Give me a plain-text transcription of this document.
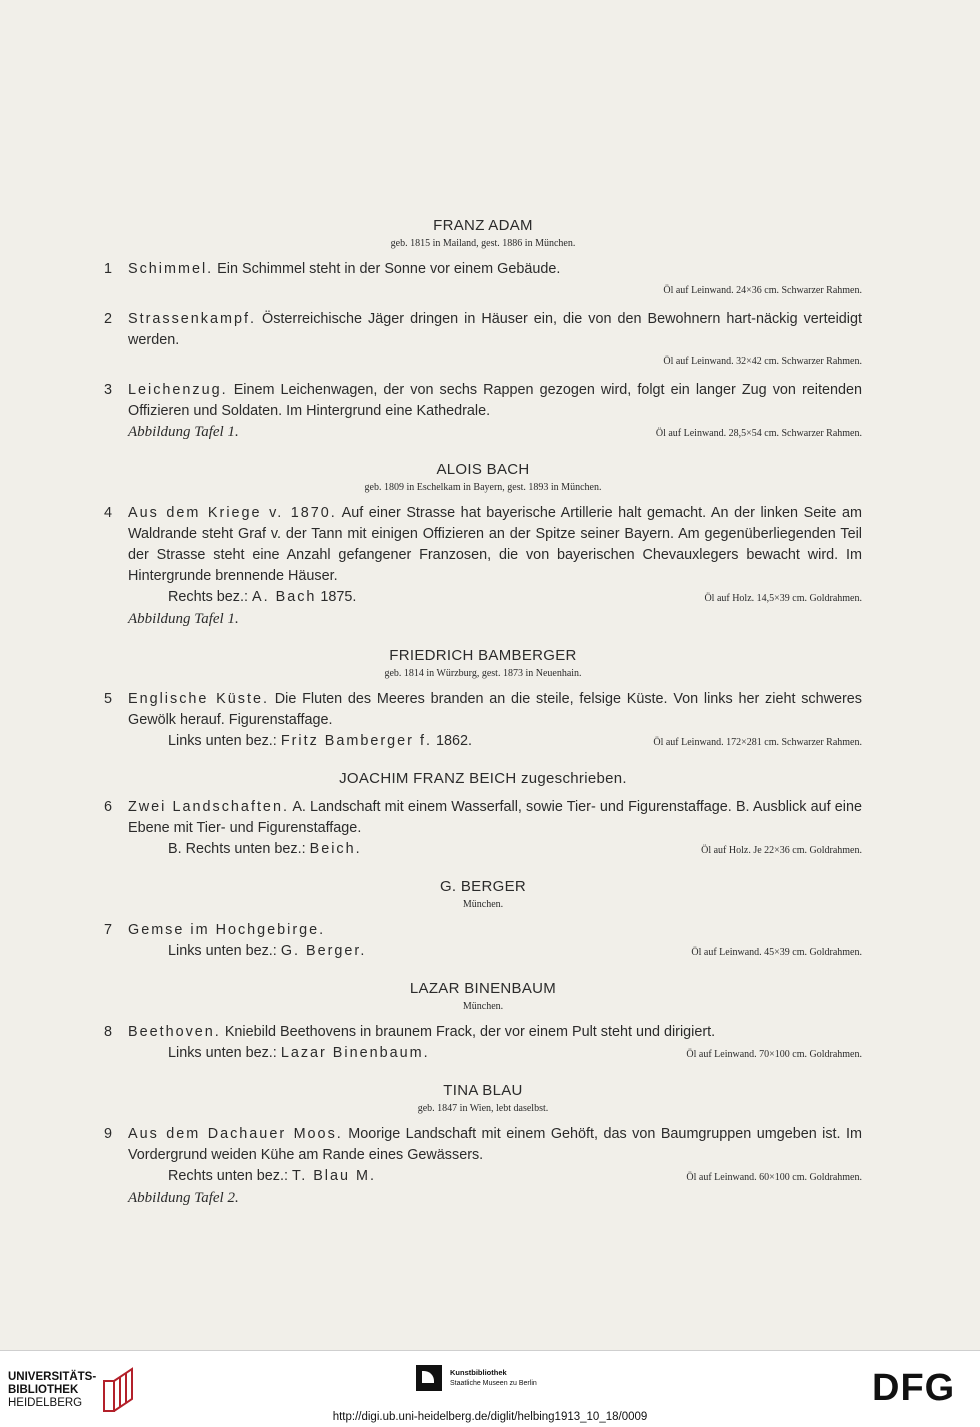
FRANZ ADAM
geb. 1815 in Mailand, gest. 1886 in München.
1 Schimmel. Ein Schimmel steht in der Sonne vor einem Gebäude.
Öl auf Leinwand. 24×36 cm. Schwarzer Rahmen.
2 Strassenkampf. Österreichische Jäger dringen in Häuser ein, die von den Bewohnern hart-näckig verteidigt werden.
Öl auf Leinwand. 32×42 cm. Schwarzer Rahmen.
3 Leichenzug. Einem Leichenwagen, der von sechs Rappen gezogen wird, folgt ein langer Zug von reitenden Offizieren und Soldaten. Im Hintergrund eine Kathedrale.
Abbildung Tafel 1.	Öl auf Leinwand. 28,5×54 cm. Schwarzer Rahmen.
ALOIS BACH
geb. 1809 in Eschelkam in Bayern, gest. 1893 in München.
4 Aus dem Kriege v. 1870. Auf einer Strasse hat bayerische Artillerie halt gemacht. An der linken Seite am Waldrande steht Graf v. der Tann mit einigen Offizieren an der Spitze seiner Bayern. Am gegenüberliegenden Teil der Strasse steht eine Anzahl gefangener Franzosen, die von bayerischen Chevauxlegers bewacht wird. Im Hintergrunde brennende Häuser.
Rechts bez.: A. Bach 1875.	Öl auf Holz. 14,5×39 cm. Goldrahmen.
Abbildung Tafel 1.
FRIEDRICH BAMBERGER
geb. 1814 in Würzburg, gest. 1873 in Neuenhain.
5 Englische Küste. Die Fluten des Meeres branden an die steile, felsige Küste. Von links her zieht schweres Gewölk herauf. Figurenstaffage.
Links unten bez.: Fritz Bamberger f. 1862.	Öl auf Leinwand. 172×281 cm. Schwarzer Rahmen.
JOACHIM FRANZ BEICH zugeschrieben.
6 Zwei Landschaften. A. Landschaft mit einem Wasserfall, sowie Tier- und Figurenstaffage. B. Ausblick auf eine Ebene mit Tier- und Figurenstaffage.
B. Rechts unten bez.: Beich.	Öl auf Holz. Je 22×36 cm. Goldrahmen.
G. BERGER
München.
7 Gemse im Hochgebirge.
Links unten bez.: G. Berger.	Öl auf Leinwand. 45×39 cm. Goldrahmen.
LAZAR BINENBAUM
München.
8 Beethoven. Kniebild Beethovens in braunem Frack, der vor einem Pult steht und dirigiert.
Links unten bez.: Lazar Binenbaum.	Öl auf Leinwand. 70×100 cm. Goldrahmen.
TINA BLAU
geb. 1847 in Wien, lebt daselbst.
9 Aus dem Dachauer Moos. Moorige Landschaft mit einem Gehöft, das von Baumgruppen umgeben ist. Im Vordergrund weiden Kühe am Rande eines Gewässers.
Rechts unten bez.: T. Blau M.	Öl auf Leinwand. 60×100 cm. Goldrahmen.
Abbildung Tafel 2.
UNIVERSITÄTS-
BIBLIOTHEK
HEIDELBERG
Kunstbibliothek
Staatliche Museen zu Berlin	DFG
http://digi.ub.uni-heidelberg.de/diglit/helbing1913_10_18/0009
